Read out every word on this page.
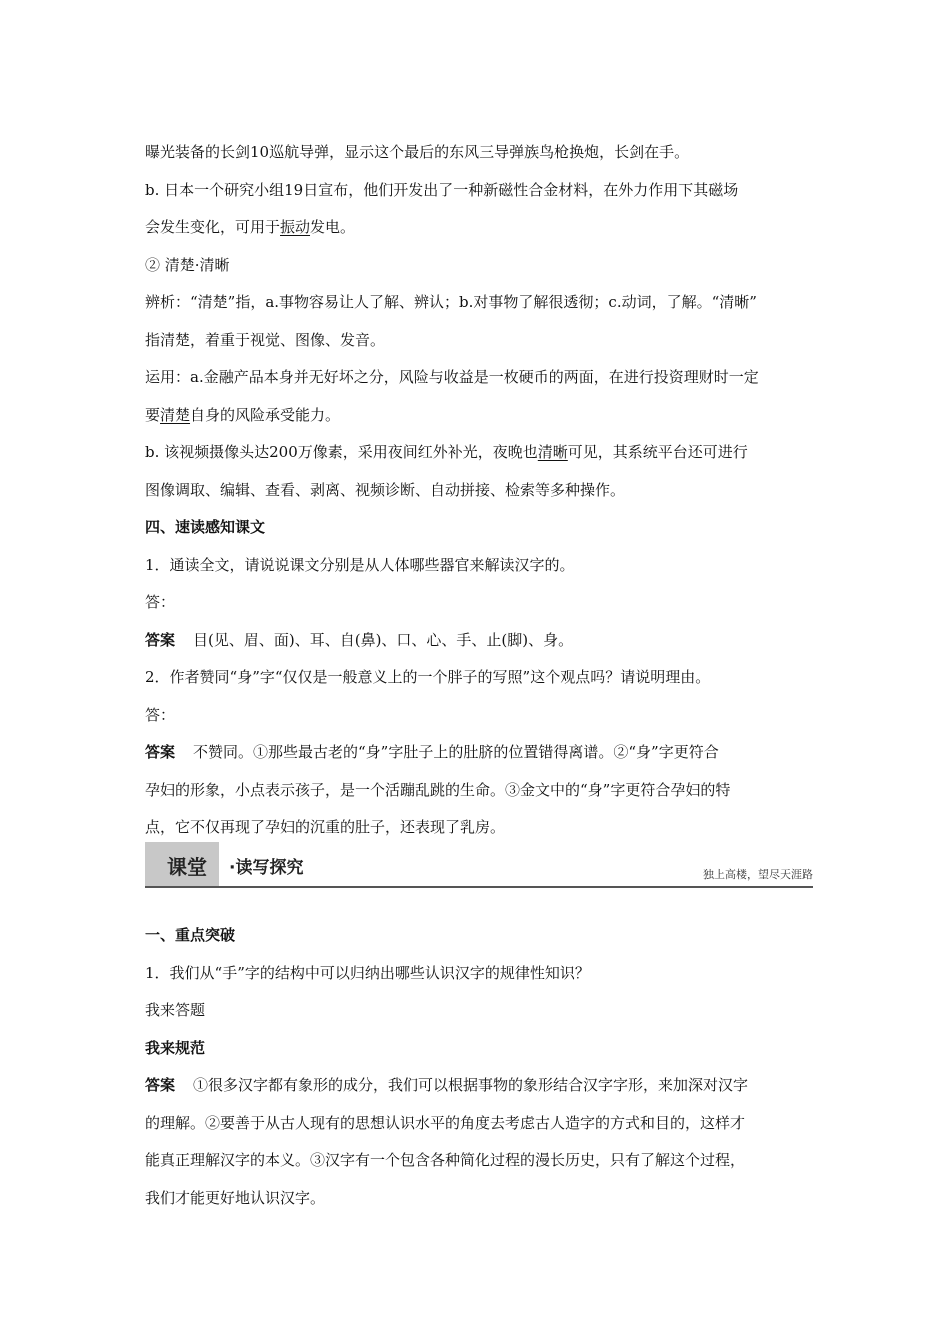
曝光装备的长剑10巡航导弹，显示这个最后的东风三导弹族鸟枪换炮，长剑在手。
b. 日本一个研究小组19日宣布，他们开发出了一种新磁性合金材料，在外力作用下其磁场
会发生变化，可用于振动发电。
② 清楚·清晰
辨析：“清楚”指，a.事物容易让人了解、辨认；b.对事物了解很透彻；c.动词，了解。“清晰”
指清楚，着重于视觉、图像、发音。
运用：a.金融产品本身并无好坏之分，风险与收益是一枚硬币的两面，在进行投资理财时一定
要清楚自身的风险承受能力。
b. 该视频摄像头达200万像素，采用夜间红外补光，夜晚也清晰可见，其系统平台还可进行
图像调取、编辑、查看、剥离、视频诊断、自动拼接、检索等多种操作。
四、速读感知课文
1．通读全文，请说说课文分别是从人体哪些器官来解读汉字的。
答：
答案 目(见、眉、面)、耳、自(鼻)、口、心、手、止(脚)、身。
2．作者赞同“身”字“仅仅是一般意义上的一个胖子的写照”这个观点吗？请说明理由。
答：
答案 不赞同。①那些最古老的“身”字肚子上的肚脐的位置错得离谱。②“身”字更符合
孕妇的形象，小点表示孩子，是一个活蹦乱跳的生命。③金文中的“身”字更符合孕妇的特
点，它不仅再现了孕妇的沉重的肚子，还表现了乳房。
课堂 ·读写探究	独上高楼，望尽天涯路
一、重点突破
1．我们从“手”字的结构中可以归纳出哪些认识汉字的规律性知识？
我来答题
我来规范
答案 ①很多汉字都有象形的成分，我们可以根据事物的象形结合汉字字形，来加深对汉字
的理解。②要善于从古人现有的思想认识水平的角度去考虑古人造字的方式和目的，这样才
能真正理解汉字的本义。③汉字有一个包含各种简化过程的漫长历史，只有了解这个过程，
我们才能更好地认识汉字。
